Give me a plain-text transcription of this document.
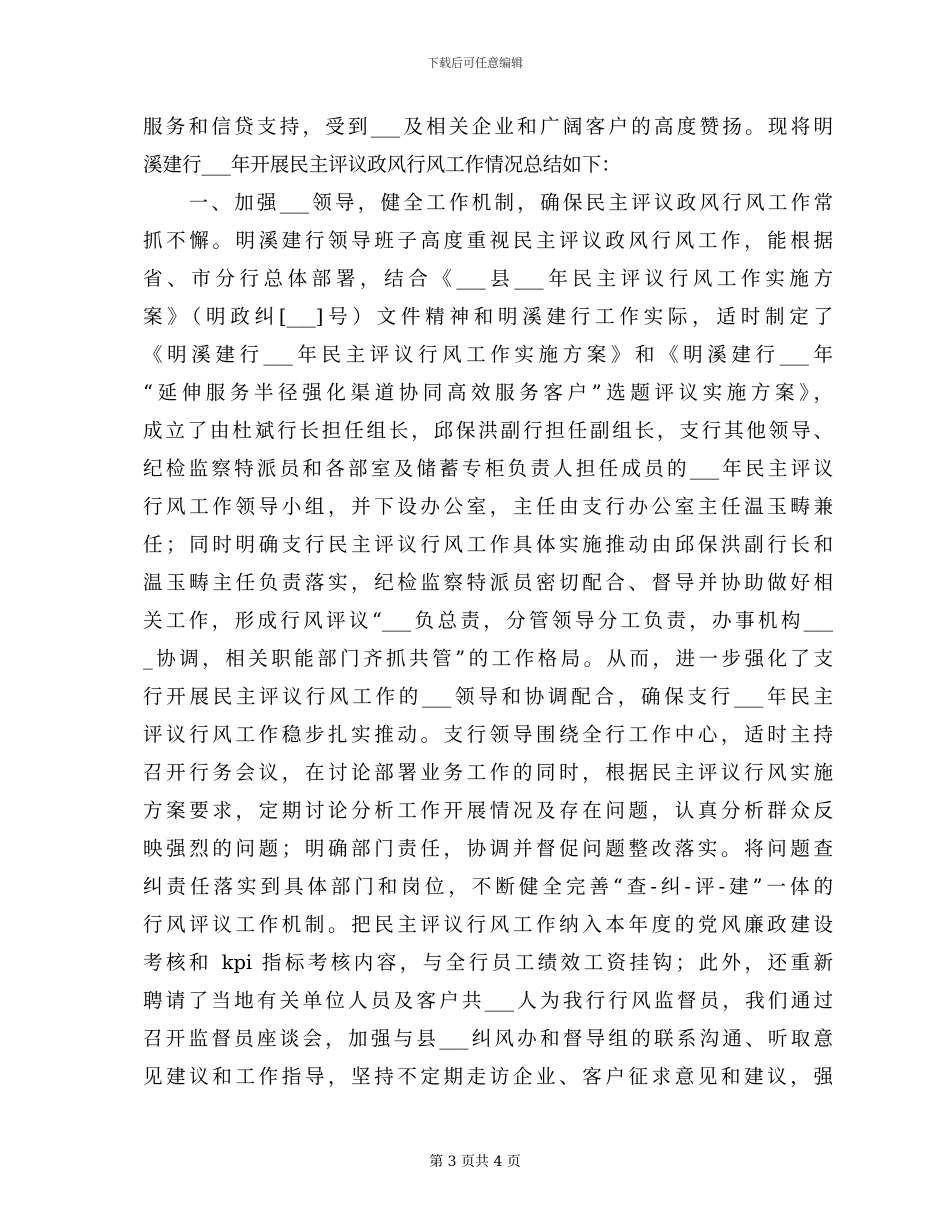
下载后可任意编辑
服务和信贷支持，受到___及相关企业和广阔客户的高度赞扬。现将明
溪建行___年开展民主评议政风行风工作情况总结如下：
　　一、加强___领导，健全工作机制，确保民主评议政风行风工作常
抓不懈。明溪建行领导班子高度重视民主评议政风行风工作，能根据
省、市分行总体部署，结合《___县___年民主评议行风工作实施方
案》（明政纠[___]号）文件精神和明溪建行工作实际，适时制定了
《明溪建行___年民主评议行风工作实施方案》和《明溪建行___年
“延伸服务半径强化渠道协同高效服务客户”选题评议实施方案》，
成立了由杜斌行长担任组长，邱保洪副行担任副组长，支行其他领导、
纪检监察特派员和各部室及储蓄专柜负责人担任成员的___年民主评议
行风工作领导小组，并下设办公室，主任由支行办公室主任温玉畴兼
任；同时明确支行民主评议行风工作具体实施推动由邱保洪副行长和
温玉畴主任负责落实，纪检监察特派员密切配合、督导并协助做好相
关工作，形成行风评议“___负总责，分管领导分工负责，办事机构___
_协调，相关职能部门齐抓共管”的工作格局。从而，进一步强化了支
行开展民主评议行风工作的___领导和协调配合，确保支行___年民主
评议行风工作稳步扎实推动。支行领导围绕全行工作中心，适时主持
召开行务会议，在讨论部署业务工作的同时，根据民主评议行风实施
方案要求，定期讨论分析工作开展情况及存在问题，认真分析群众反
映强烈的问题；明确部门责任，协调并督促问题整改落实。将问题查
纠责任落实到具体部门和岗位，不断健全完善“查-纠-评-建”一体的
行风评议工作机制。把民主评议行风工作纳入本年度的党风廉政建设
考核和 kpi 指标考核内容，与全行员工绩效工资挂钩；此外，还重新
聘请了当地有关单位人员及客户共___人为我行行风监督员，我们通过
召开监督员座谈会，加强与县___纠风办和督导组的联系沟通、听取意
见建议和工作指导，坚持不定期走访企业、客户征求意见和建议，强
第 3 页共 4 页
